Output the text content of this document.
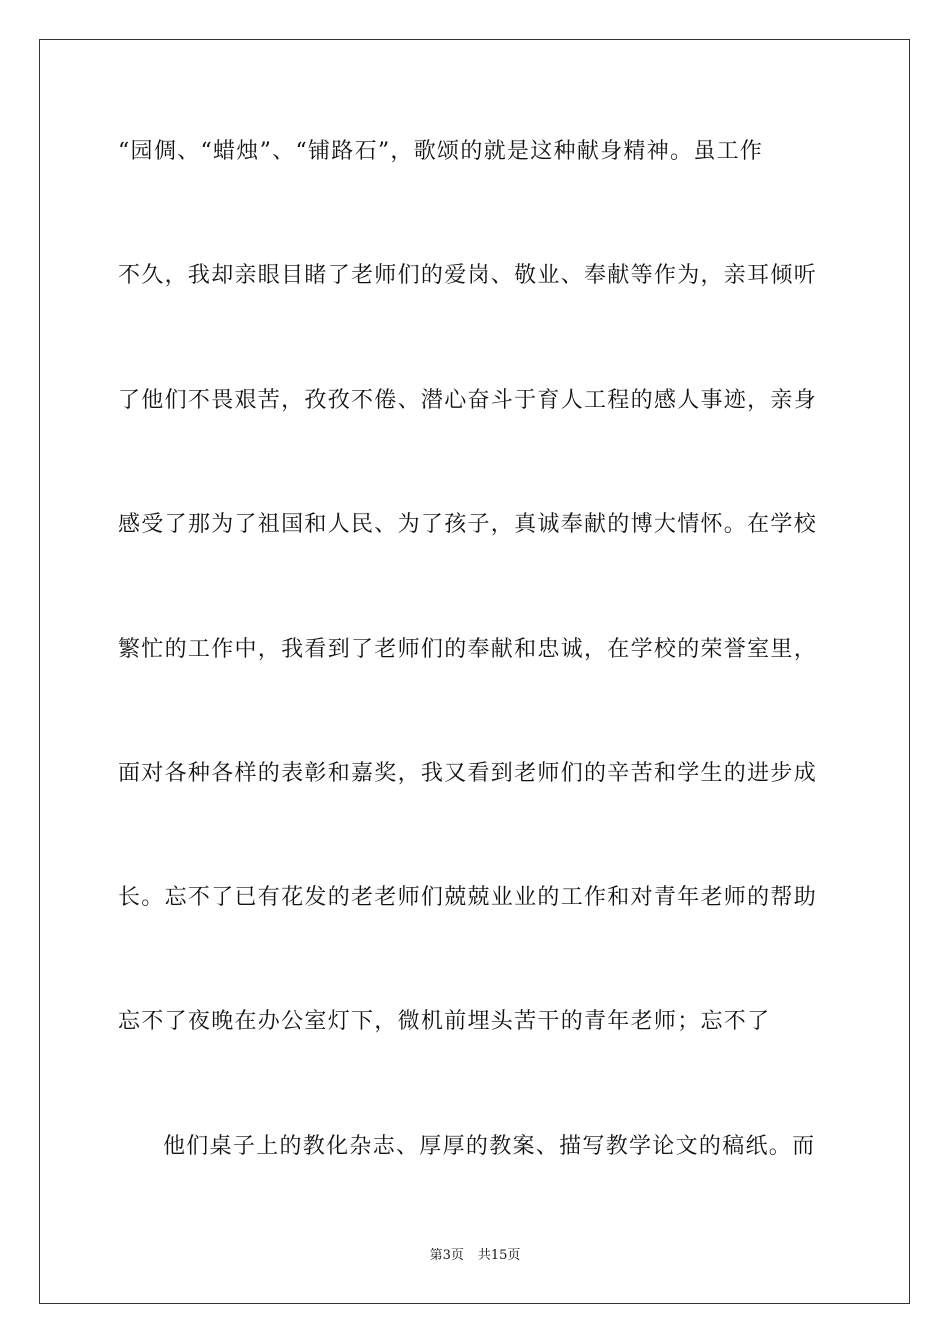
“园倜、“蜡烛”、“铺路石”，歌颂的就是这种献身精神。虽工作
不久，我却亲眼目睹了老师们的爱岗、敬业、奉献等作为，亲耳倾听
了他们不畏艰苦，孜孜不倦、潜心奋斗于育人工程的感人事迹，亲身
感受了那为了祖国和人民、为了孩子，真诚奉献的博大情怀。在学校
繁忙的工作中，我看到了老师们的奉献和忠诚，在学校的荣誉室里，
面对各种各样的表彰和嘉奖，我又看到老师们的辛苦和学生的进步成
长。忘不了已有花发的老老师们兢兢业业的工作和对青年老师的帮助
忘不了夜晚在办公室灯下，微机前埋头苦干的青年老师；忘不了
他们桌子上的教化杂志、厚厚的教案、描写教学论文的稿纸。而
第3页 共15页
